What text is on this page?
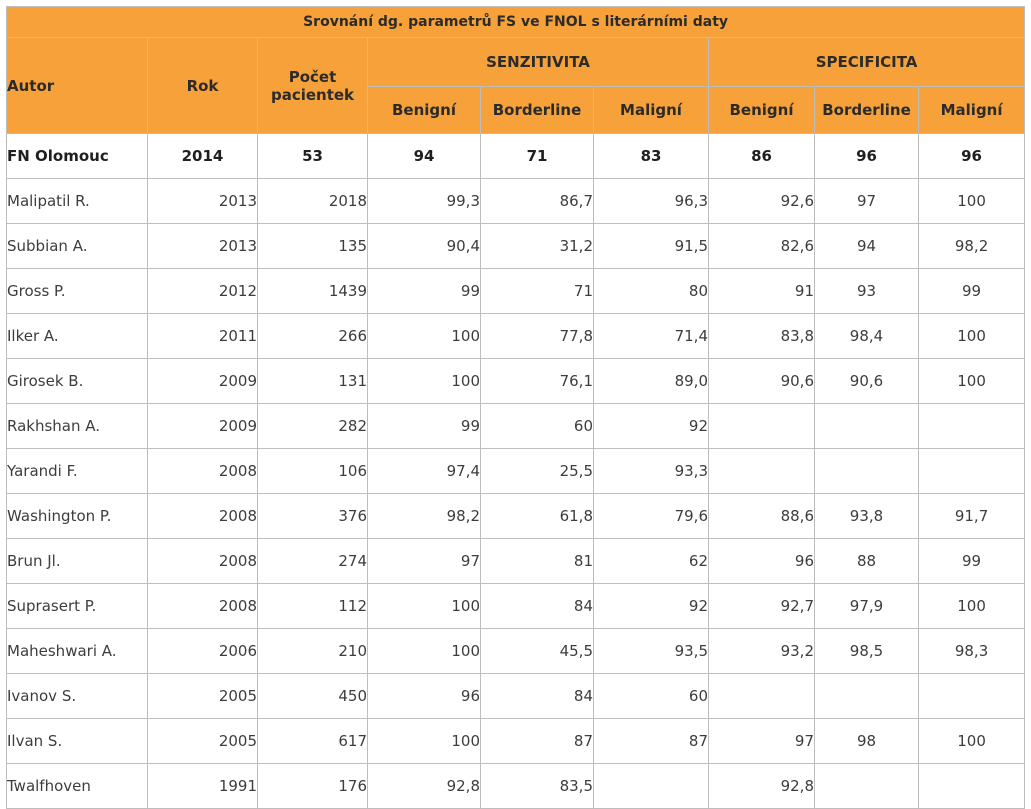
Srovnání dg. parametrů FS ve FNOL s literárními daty								
Autor	Rok	Počet pacientek	SENZITIVITA			SPECIFICITA		
			Benigní	Borderline	Maligní	Benigní	Borderline	Maligní
FN Olomouc	2014	53	94	71	83	86	96	96
Malipatil R.	2013	2018	99,3	86,7	96,3	92,6	97	100
Subbian A.	2013	135	90,4	31,2	91,5	82,6	94	98,2
Gross P.	2012	1439	99	71	80	91	93	99
Ilker A.	2011	266	100	77,8	71,4	83,8	98,4	100
Girosek B.	2009	131	100	76,1	89,0	90,6	90,6	100
Rakhshan A.	2009	282	99	60	92			
Yarandi F.	2008	106	97,4	25,5	93,3			
Washington P.	2008	376	98,2	61,8	79,6	88,6	93,8	91,7
Brun Jl.	2008	274	97	81	62	96	88	99
Suprasert P.	2008	112	100	84	92	92,7	97,9	100
Maheshwari A.	2006	210	100	45,5	93,5	93,2	98,5	98,3
Ivanov S.	2005	450	96	84	60			
Ilvan S.	2005	617	100	87	87	97	98	100
Twalfhoven	1991	176	92,8	83,5		92,8		
